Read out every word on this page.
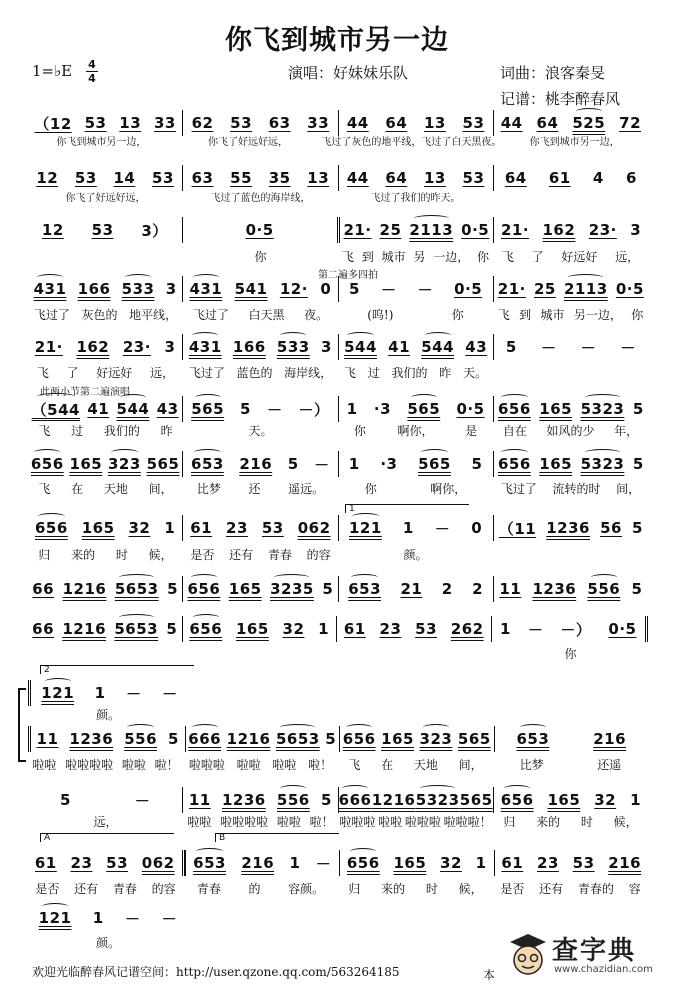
你飞到城市另一边
1=♭E 4
4	演唱：好妹妹乐队	词曲：浪客秦旻
记谱：桃李醉春风
（12 53 13 33 62 53 63 33 44 64 13 53 44 64 525 72
你飞到城市另一边，	你飞了好远好远，	飞过了灰色的地平线，飞过了白天黑夜。	你飞到城市另一边，
12 53 14 53 63 55 35 13 44 64 13 53 64 61 4 6
你飞了好远好远，	飞过了蓝色的海岸线，	飞过了我们的昨天。
12 53 3）	0·5	21· 25 2113 0·5 21· 162 23· 3
你	飞 到 城市 另 一边， 你 飞 了 好远好 远，
431 166 533 3 431 541 12· 0 5 － － 0·5 21· 25 2113 0·5
飞过了 灰色的 地平线， 飞过了 白天黑 夜。	(呜!)	你	飞 到 城市 另一边， 你
21· 162 23· 3 431 166 533 3 544 41 544 43 5 － － －
飞 了 好远好 远， 飞过了 蓝色的 海岸线， 飞 过 我们的 昨 天。
（544 41 544 43 565 5 － －） 1 ·3 565 0·5 656 165 5323 5
飞 过 我们的 昨	天。	你	啊你，	是 自在 如风的少 年，
656 165 323 565 653 216 5 － 1 ·3 565 5 656 165 5323 5
飞 在 天地 间， 比梦 还 遥远。	你	啊你，	飞过了 流转的时 间，
656 165 32 1 61 23 53 062 121 1 － 0 （11 1236 56 5
归 来的 时 候， 是否 还有 青春 的容	颜。
66 1216 5653 5 656 165 3235 5 653 21 2 2 11 1236 556 5
66 1216 5653 5 656 165 32 1 61 23 53 262 1 － －） 0·5
你
121 1 － －
颜。
11 1236 556 5 666 1216 5653 5 656 165 323 565 653	216
啦啦 啦啦啦啦 啦啦 啦！ 啦啦啦 啦啦 啦啦 啦！ 飞 在 天地 间，	比梦	还遥
5	－	11 1236 556 5 666 1216 5323 565 656 165 32 1
远，	啦啦 啦啦啦啦 啦啦 啦！ 啦啦啦 啦啦 啦啦啦 啦啦啦！ 归 来的 时 候，
61 23 53 062 653 216 1 － 656 165 32 1 61 23 53 216
是否 还有 青春 的容 青春 的 容颜。 归 来的 时 候， 是否 还有 青春的 容
121 1 － －
颜。
第二遍多四拍
此两小节第二遍演唱
1
2
A	B
欢迎光临醉春风记谱空间：http://user.qzone.qq.com/563264185	本
查字典
www.chazidian.com
